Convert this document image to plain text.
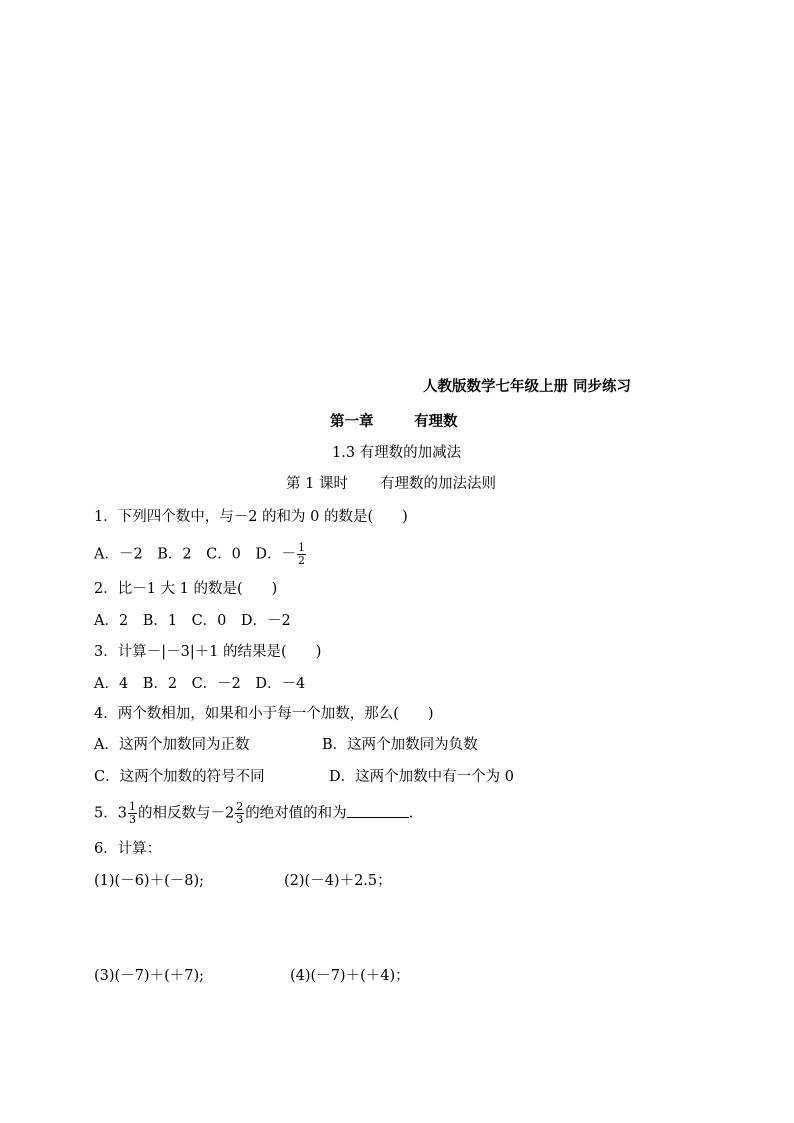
人教版数学七年级上册 同步练习
第一章	有理数
1.3 有理数的加减法
第 1 课时 有理数的加法法则
1．下列四个数中，与－2 的和为 0 的数是(　　)
A．－2　B．2　C．0　D．－ $\frac{1}{2}$
2．比－1 大 1 的数是(　　)
A．2　B．1　C．0　D．－2
3．计算－|－3|＋1 的结果是(　　)
A．4　B．2　C．－2　D．－4
4．两个数相加，如果和小于每一个加数，那么(　　)
A．这两个加数同为正数	B．这两个加数同为负数
C．这两个加数的符号不同	D．这两个加数中有一个为 0
5．$3 \frac{1}{3}$ 的相反数与$-2 \frac{2}{3}$ 的绝对值的和为	.
6．计算：
(1)(－6)＋(－8);	(2)(－4)＋2.5；
(3)(－7)＋(＋7);	(4)(－7)＋(＋4)；
